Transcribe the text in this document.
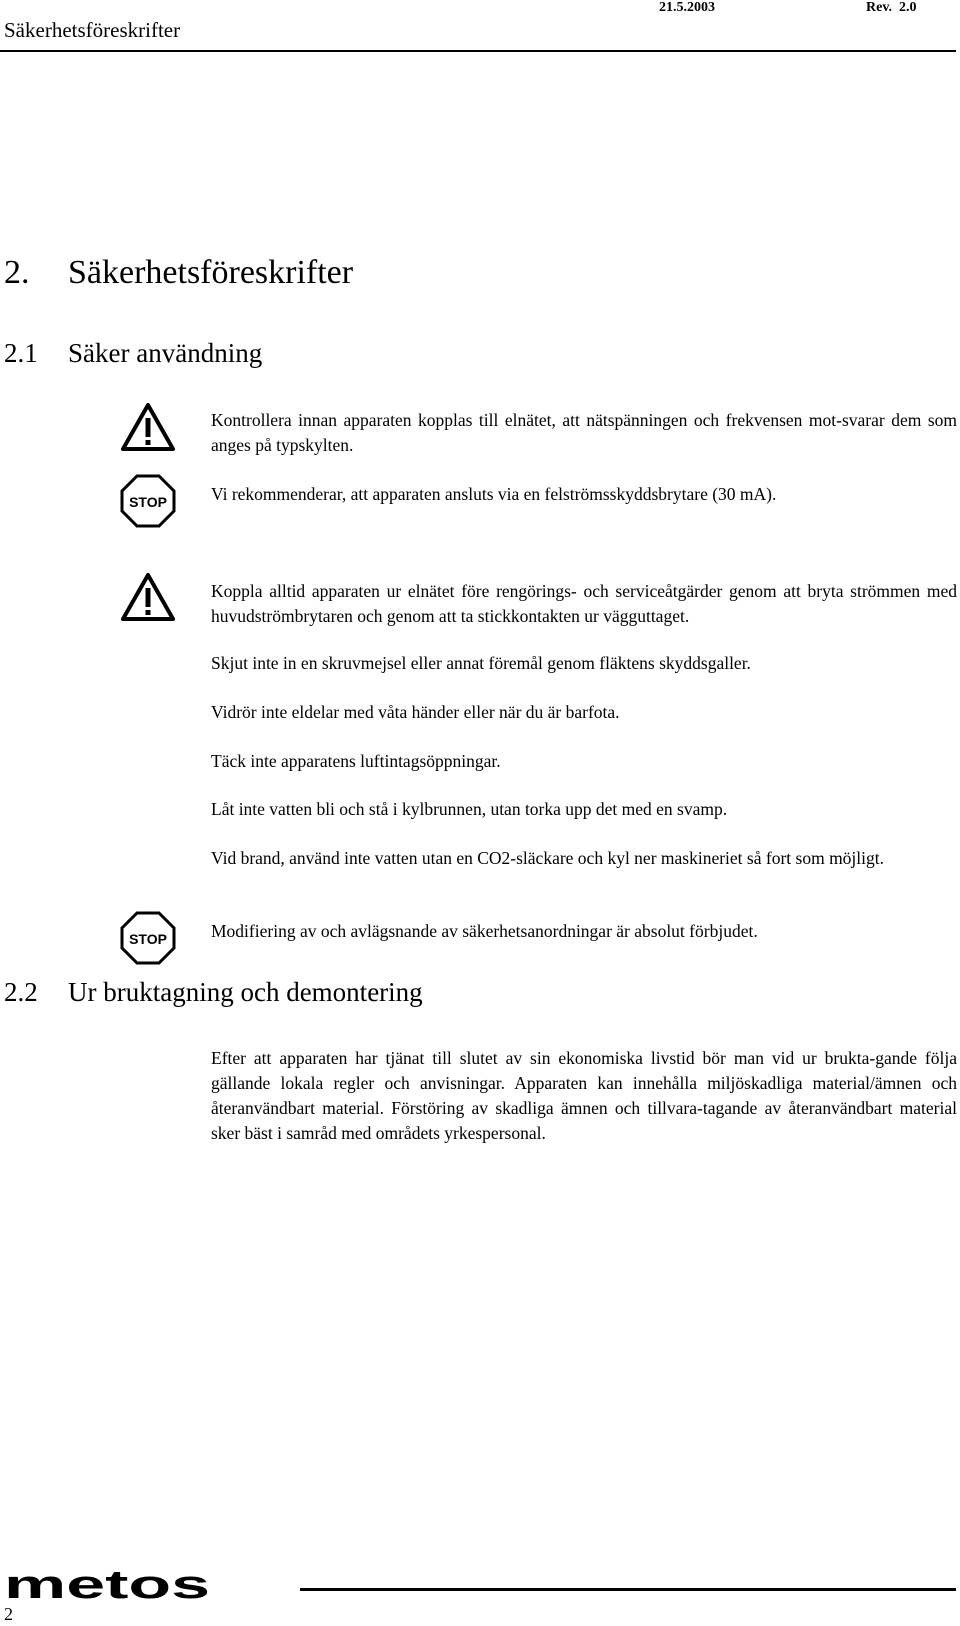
Säkerhetsföreskrifter
21.5.2003	Rev.  2.0
2. Säkerhetsföreskrifter
2.1 Säker användning
STOP
STOP
Kontrollera innan apparaten kopplas till elnätet, att nätspänningen och frekvensen mot-svarar dem som anges på typskylten.
Vi rekommenderar, att apparaten ansluts via en felströmsskyddsbrytare (30 mA).
Koppla alltid apparaten ur elnätet före rengörings- och serviceåtgärder genom att bryta strömmen med huvudströmbrytaren och genom att ta stickkontakten ur vägguttaget.
Skjut inte in en skruvmejsel eller annat föremål genom fläktens skyddsgaller.
Vidrör inte eldelar med våta händer eller när du är barfota.
Täck inte apparatens luftintagsöppningar.
Låt inte vatten bli och stå i kylbrunnen, utan torka upp det med en svamp.
Vid brand, använd inte vatten utan en CO2-släckare och kyl ner maskineriet så fort som möjligt.
Modifiering av och avlägsnande av säkerhetsanordningar är absolut förbjudet.
2.2 Ur bruktagning och demontering
Efter att apparaten har tjänat till slutet av sin ekonomiska livstid bör man vid ur brukta-gande följa gällande lokala regler och anvisningar. Apparaten kan innehålla miljöskadliga material/ämnen och återanvändbart material. Förstöring av skadliga ämnen och tillvara-tagande av återanvändbart material sker bäst i samråd med områdets yrkespersonal.
metos
2
